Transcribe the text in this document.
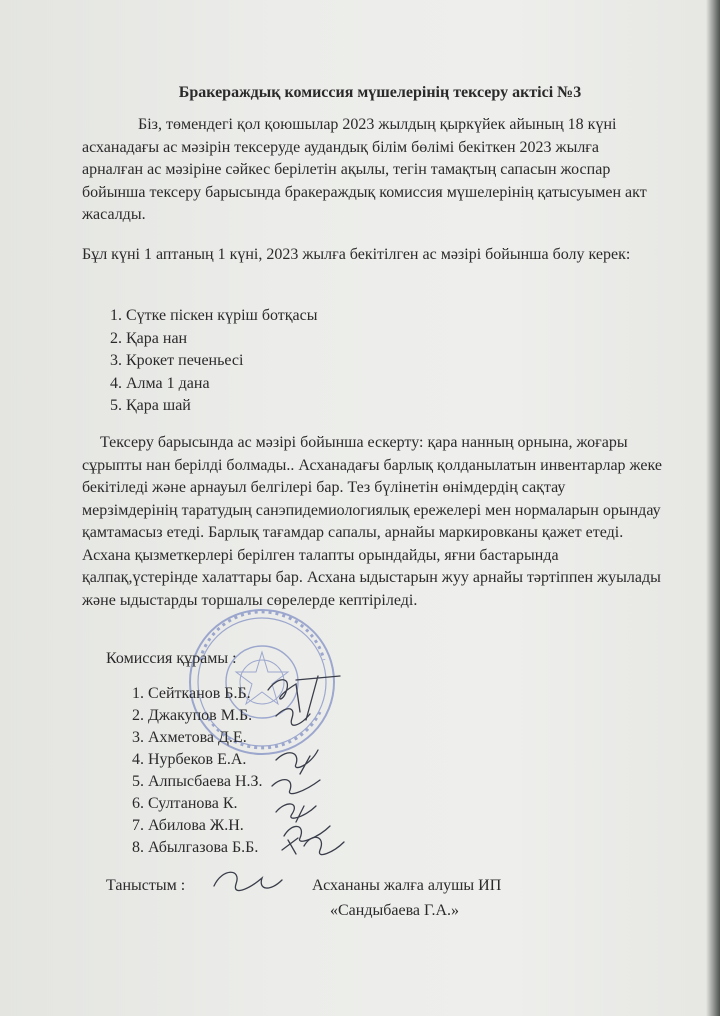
Бракераждық комиссия мүшелерінің тексеру актісі №3
Біз, төмендегі қол қоюшылар 2023 жылдың қыркүйек айының 18 күні асханадағы ас мәзірін тексеруде аудандық білім бөлімі бекіткен 2023 жылға арналған ас мәзіріне сәйкес берілетін ақылы, тегін тамақтың сапасын жоспар бойынша тексеру барысында бракераждық комиссия мүшелерінің қатысуымен акт жасалды.
Бұл күні 1 аптаның 1 күні, 2023 жылға бекітілген ас мәзірі бойынша болу керек:
1. Сүтке піскен күріш ботқасы
2. Қара нан
3. Крокет печеньесі
4. Алма 1 дана
5. Қара шай
Тексеру барысында ас мәзірі бойынша ескерту: қара нанның орнына, жоғары сұрыпты нан берілді болмады.. Асханадағы барлық қолданылатын инвентарлар жеке бекітіледі және арнауыл белгілері бар. Тез бүлінетін өнімдердің сақтау мерзімдерінің таратудың санэпидемиологиялық ережелері мен нормаларын орындау қамтамасыз етеді. Барлық тағамдар сапалы, арнайы маркировканы қажет етеді. Асхана қызметкерлері берілген талапты орындайды, яғни бастарында қалпақ,үстерінде халаттары бар. Асхана ыдыстарын жуу арнайы тәртіппен жуылады және ыдыстарды торшалы сөрелерде кептіріледі.
Комиссия құрамы :
1. Сейтканов Б.Б.
2. Джакупов М.Б.
3. Ахметова Д.Е.
4. Нурбеков Е.А.
5. Алпысбаева Н.З.
6. Султанова К.
7. Абилова Ж.Н.
8. Абылгазова Б.Б.
Таныстым :	Асхананы жалға алушы ИП
«Сандыбаева Г.А.»
